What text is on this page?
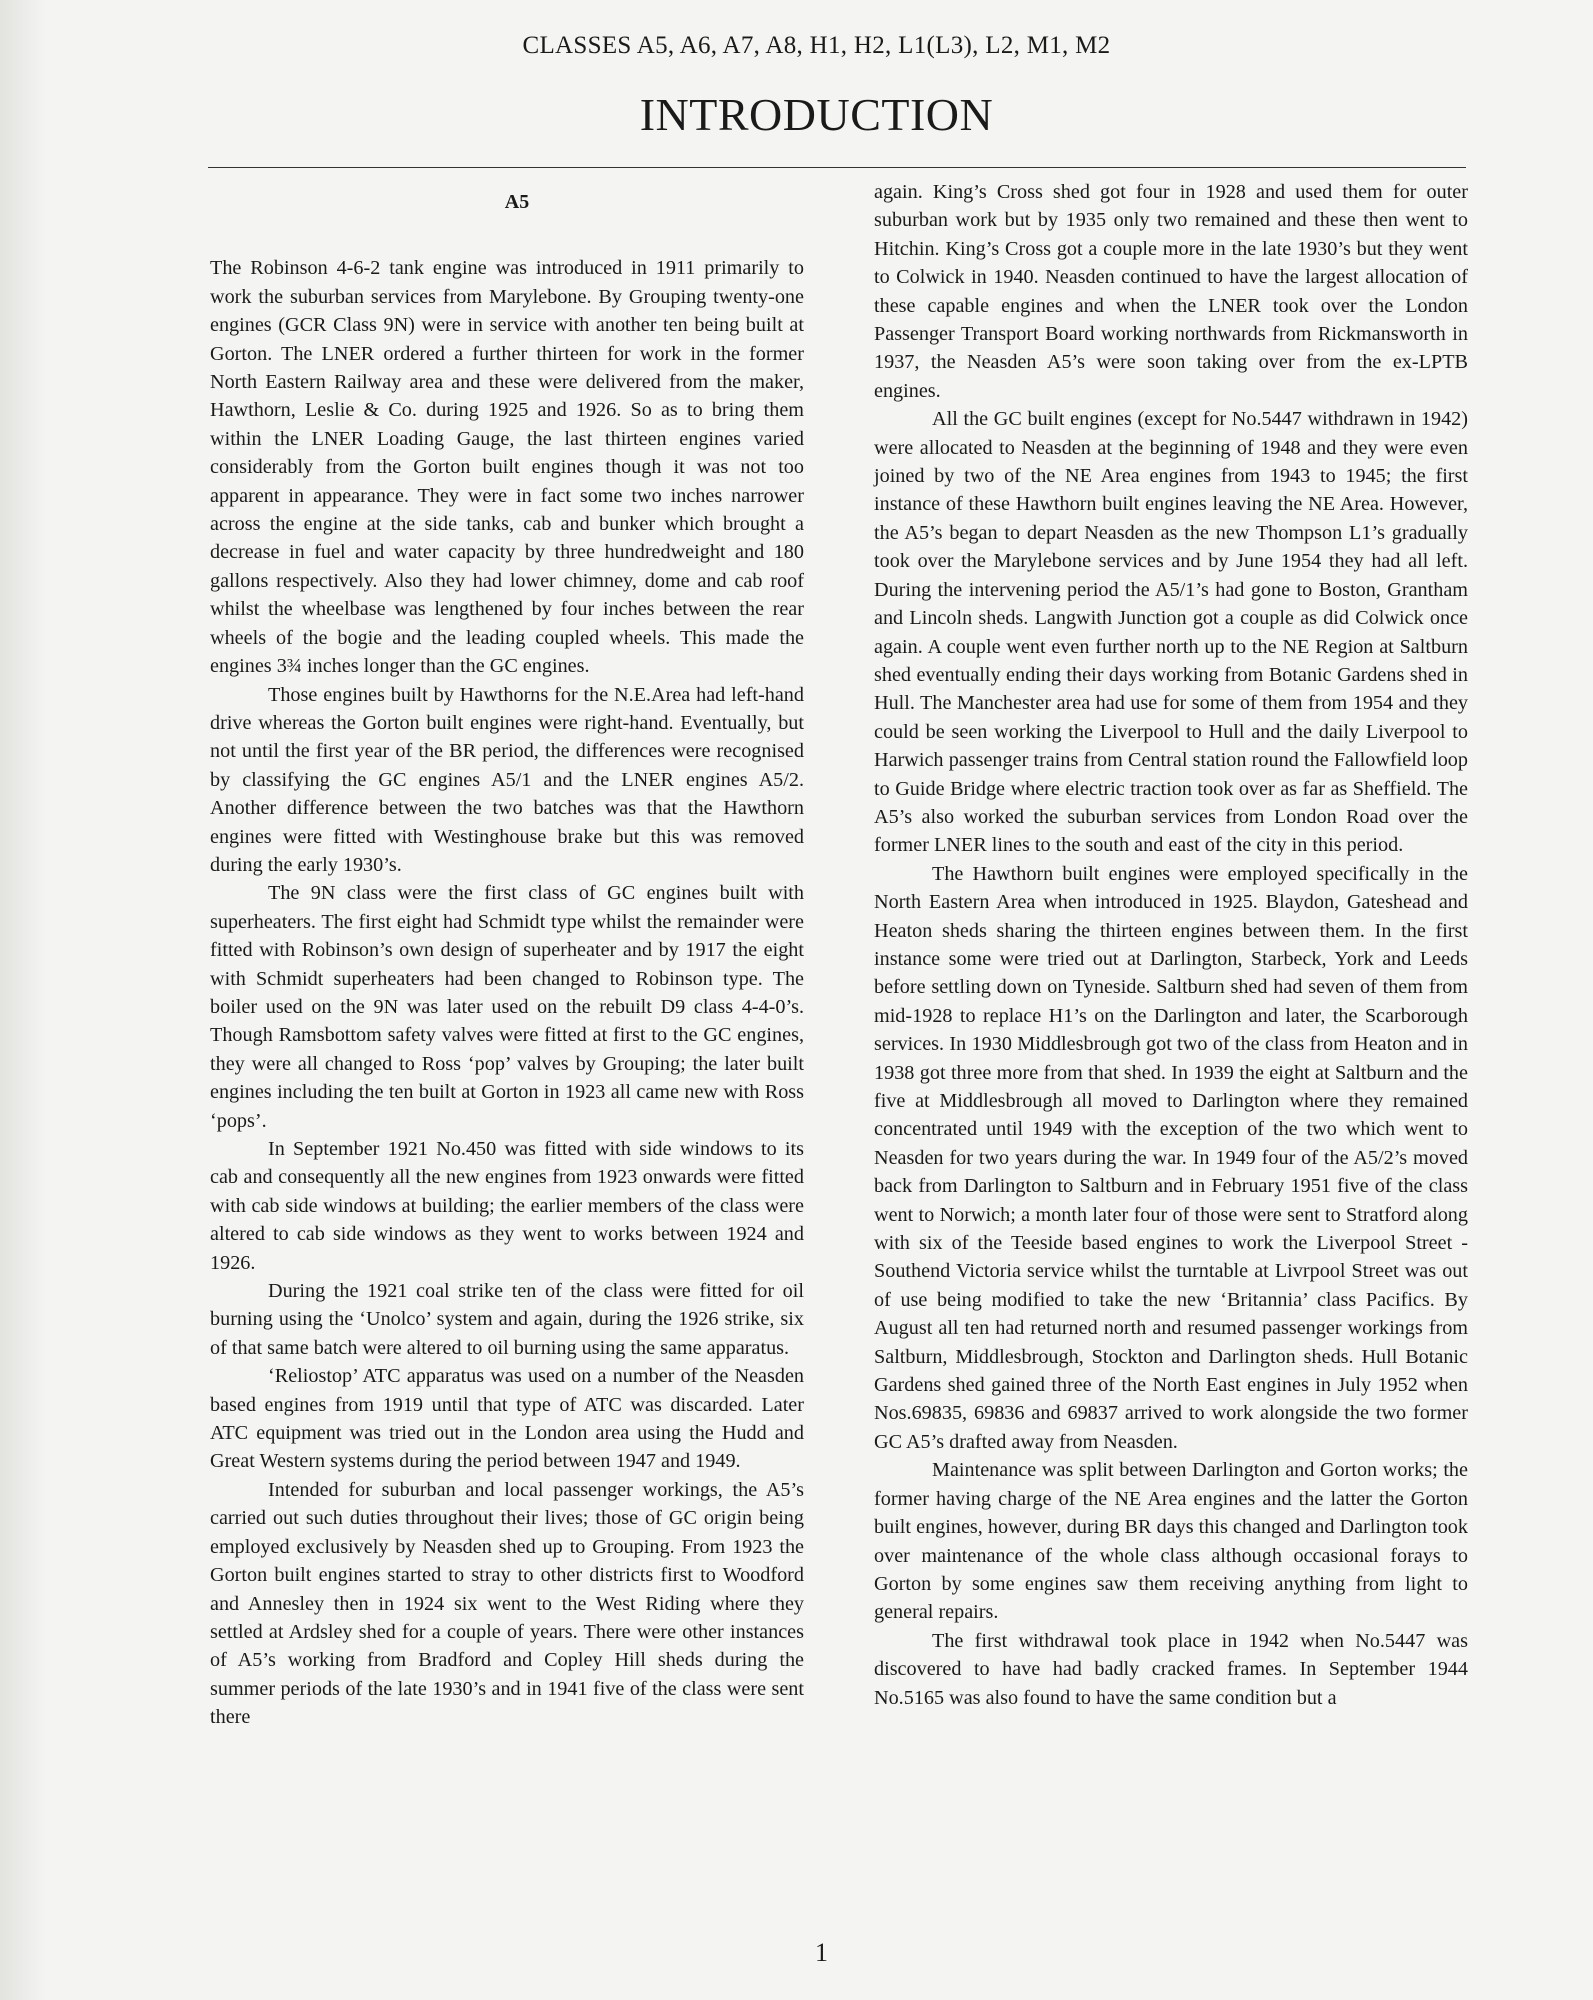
CLASSES A5, A6, A7, A8, H1, H2, L1(L3), L2, M1, M2
INTRODUCTION
A5

The Robinson 4-6-2 tank engine was introduced in 1911 primarily to work the suburban services from Marylebone. By Grouping twenty-one engines (GCR Class 9N) were in service with another ten being built at Gorton. The LNER ordered a further thirteen for work in the former North Eastern Railway area and these were delivered from the maker, Hawthorn, Leslie & Co. during 1925 and 1926. So as to bring them within the LNER Loading Gauge, the last thirteen engines varied considerably from the Gorton built engines though it was not too apparent in appearance. They were in fact some two inches narrower across the engine at the side tanks, cab and bunker which brought a decrease in fuel and water capacity by three hundredweight and 180 gallons respectively. Also they had lower chimney, dome and cab roof whilst the wheelbase was lengthened by four inches between the rear wheels of the bogie and the leading coupled wheels. This made the engines 3¾ inches longer than the GC engines.

Those engines built by Hawthorns for the N.E.Area had left-hand drive whereas the Gorton built engines were right-hand. Eventually, but not until the first year of the BR period, the differences were recognised by classifying the GC engines A5/1 and the LNER engines A5/2. Another difference between the two batches was that the Hawthorn engines were fitted with Westinghouse brake but this was removed during the early 1930’s.

The 9N class were the first class of GC engines built with superheaters. The first eight had Schmidt type whilst the remainder were fitted with Robinson’s own design of superheater and by 1917 the eight with Schmidt superheaters had been changed to Robinson type. The boiler used on the 9N was later used on the rebuilt D9 class 4-4-0’s. Though Ramsbottom safety valves were fitted at first to the GC engines, they were all changed to Ross ‘pop’ valves by Grouping; the later built engines including the ten built at Gorton in 1923 all came new with Ross ‘pops’.

In September 1921 No.450 was fitted with side windows to its cab and consequently all the new engines from 1923 onwards were fitted with cab side windows at building; the earlier members of the class were altered to cab side windows as they went to works between 1924 and 1926.

During the 1921 coal strike ten of the class were fitted for oil burning using the ‘Unolco’ system and again, during the 1926 strike, six of that same batch were altered to oil burning using the same apparatus.

‘Reliostop’ ATC apparatus was used on a number of the Neasden based engines from 1919 until that type of ATC was discarded. Later ATC equipment was tried out in the London area using the Hudd and Great Western systems during the period between 1947 and 1949.

Intended for suburban and local passenger workings, the A5’s carried out such duties throughout their lives; those of GC origin being employed exclusively by Neasden shed up to Grouping. From 1923 the Gorton built engines started to stray to other districts first to Woodford and Annesley then in 1924 six went to the West Riding where they settled at Ardsley shed for a couple of years. There were other instances of A5’s working from Bradford and Copley Hill sheds during the summer periods of the late 1930’s and in 1941 five of the class were sent there

again. King’s Cross shed got four in 1928 and used them for outer suburban work but by 1935 only two remained and these then went to Hitchin. King’s Cross got a couple more in the late 1930’s but they went to Colwick in 1940. Neasden continued to have the largest allocation of these capable engines and when the LNER took over the London Passenger Transport Board working northwards from Rickmansworth in 1937, the Neasden A5’s were soon taking over from the ex-LPTB engines.

All the GC built engines (except for No.5447 withdrawn in 1942) were allocated to Neasden at the beginning of 1948 and they were even joined by two of the NE Area engines from 1943 to 1945; the first instance of these Hawthorn built engines leaving the NE Area. However, the A5’s began to depart Neasden as the new Thompson L1’s gradually took over the Marylebone services and by June 1954 they had all left. During the intervening period the A5/1’s had gone to Boston, Grantham and Lincoln sheds. Langwith Junction got a couple as did Colwick once again. A couple went even further north up to the NE Region at Saltburn shed eventually ending their days working from Botanic Gardens shed in Hull. The Manchester area had use for some of them from 1954 and they could be seen working the Liverpool to Hull and the daily Liverpool to Harwich passenger trains from Central station round the Fallowfield loop to Guide Bridge where electric traction took over as far as Sheffield. The A5’s also worked the suburban services from London Road over the former LNER lines to the south and east of the city in this period.

The Hawthorn built engines were employed specifically in the North Eastern Area when introduced in 1925. Blaydon, Gateshead and Heaton sheds sharing the thirteen engines between them. In the first instance some were tried out at Darlington, Starbeck, York and Leeds before settling down on Tyneside. Saltburn shed had seven of them from mid-1928 to replace H1’s on the Darlington and later, the Scarborough services. In 1930 Middlesbrough got two of the class from Heaton and in 1938 got three more from that shed. In 1939 the eight at Saltburn and the five at Middlesbrough all moved to Darlington where they remained concentrated until 1949 with the exception of the two which went to Neasden for two years during the war. In 1949 four of the A5/2’s moved back from Darlington to Saltburn and in February 1951 five of the class went to Norwich; a month later four of those were sent to Stratford along with six of the Teeside based engines to work the Liverpool Street - Southend Victoria service whilst the turntable at Livrpool Street was out of use being modified to take the new ‘Britannia’ class Pacifics. By August all ten had returned north and resumed passenger workings from Saltburn, Middlesbrough, Stockton and Darlington sheds. Hull Botanic Gardens shed gained three of the North East engines in July 1952 when Nos.69835, 69836 and 69837 arrived to work alongside the two former GC A5’s drafted away from Neasden.

Maintenance was split between Darlington and Gorton works; the former having charge of the NE Area engines and the latter the Gorton built engines, however, during BR days this changed and Darlington took over maintenance of the whole class although occasional forays to Gorton by some engines saw them receiving anything from light to general repairs.

The first withdrawal took place in 1942 when No.5447 was discovered to have had badly cracked frames. In September 1944 No.5165 was also found to have the same condition but a

1
